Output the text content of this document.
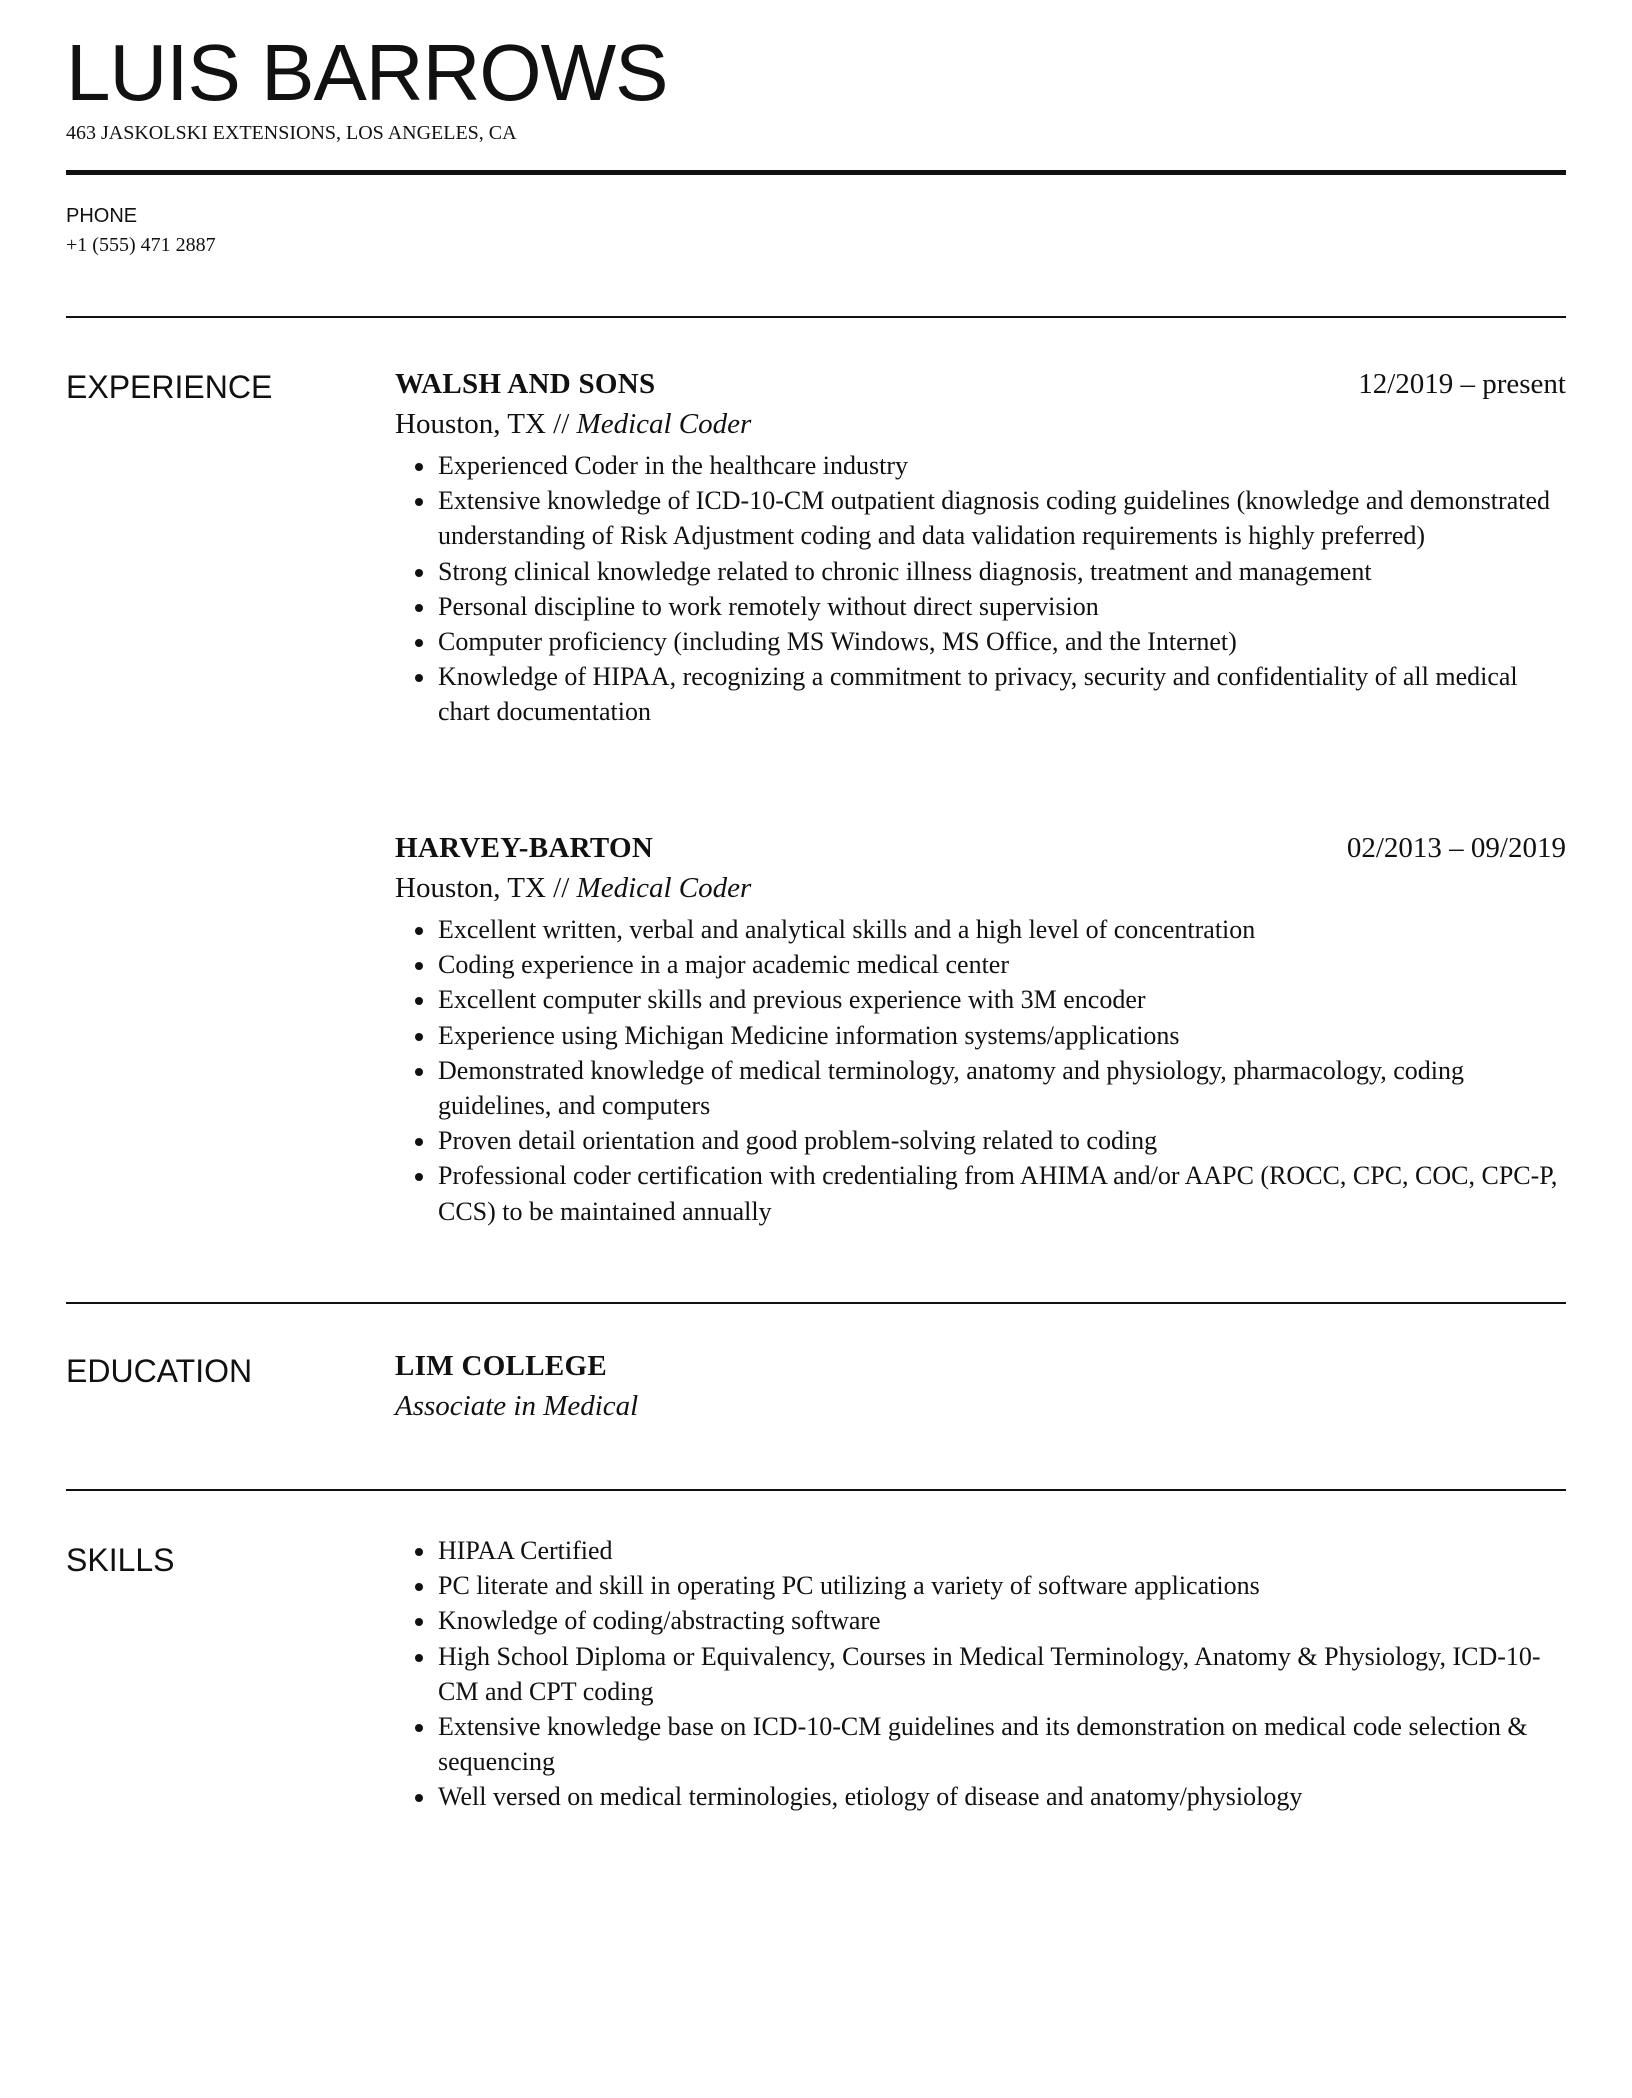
LUIS BARROWS
463 JASKOLSKI EXTENSIONS, LOS ANGELES, CA
PHONE
+1 (555) 471 2887
EXPERIENCE	WALSH AND SONS	12/2019 – present
Houston, TX // Medical Coder
Experienced Coder in the healthcare industry
Extensive knowledge of ICD-10-CM outpatient diagnosis coding guidelines (knowledge and demonstrated understanding of Risk Adjustment coding and data validation requirements is highly preferred)
Strong clinical knowledge related to chronic illness diagnosis, treatment and management
Personal discipline to work remotely without direct supervision
Computer proficiency (including MS Windows, MS Office, and the Internet)
Knowledge of HIPAA, recognizing a commitment to privacy, security and confidentiality of all medical chart documentation
HARVEY-BARTON	02/2013 – 09/2019
Houston, TX // Medical Coder
Excellent written, verbal and analytical skills and a high level of concentration
Coding experience in a major academic medical center
Excellent computer skills and previous experience with 3M encoder
Experience using Michigan Medicine information systems/applications
Demonstrated knowledge of medical terminology, anatomy and physiology, pharmacology, coding guidelines, and computers
Proven detail orientation and good problem-solving related to coding
Professional coder certification with credentialing from AHIMA and/or AAPC (ROCC, CPC, COC, CPC-P, CCS) to be maintained annually
EDUCATION	LIM COLLEGE
Associate in Medical
SKILLS	HIPAA Certified
PC literate and skill in operating PC utilizing a variety of software applications
Knowledge of coding/abstracting software
High School Diploma or Equivalency, Courses in Medical Terminology, Anatomy & Physiology, ICD-10-CM and CPT coding
Extensive knowledge base on ICD-10-CM guidelines and its demonstration on medical code selection & sequencing
Well versed on medical terminologies, etiology of disease and anatomy/physiology
